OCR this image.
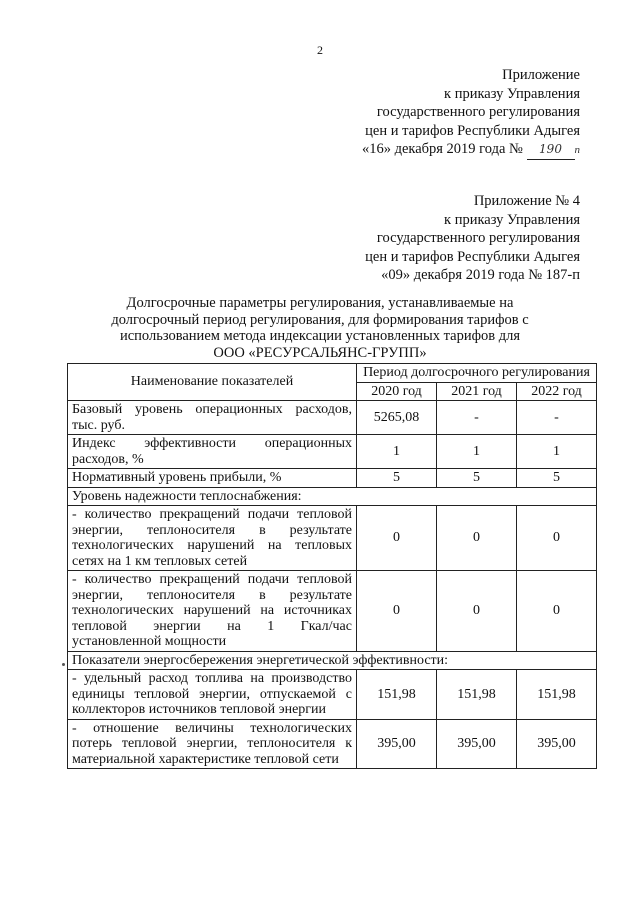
2
Приложение
к приказу Управления
государственного регулирования
цен и тарифов Республики Адыгея
«16» декабря 2019 года № 190 п
Приложение № 4
к приказу Управления
государственного регулирования
цен и тарифов Республики Адыгея
«09» декабря 2019 года № 187-п
Долгосрочные параметры регулирования, устанавливаемые на
долгосрочный период регулирования, для формирования тарифов с
использованием метода индексации установленных тарифов для
ООО «РЕСУРСАЛЬЯНС-ГРУПП»
Наименование показателей	Период долгосрочного регулирования		
	2020 год	2021 год	2022 год
Базовый уровень операционных расходов, тыс. руб.	5265,08	-	-
Индекс эффективности операционных расходов, %	1	1	1
Нормативный уровень прибыли, %	5	5	5
Уровень надежности теплоснабжения:			
- количество прекращений подачи тепловой энергии, теплоносителя в результате технологических нарушений на тепловых сетях на 1 км тепловых сетей	0	0	0
- количество прекращений подачи тепловой энергии, теплоносителя в результате технологических нарушений на источниках тепловой энергии на 1 Гкал/час установленной мощности	0	0	0
Показатели энергосбережения энергетической эффективности:			
- удельный расход топлива на производство единицы тепловой энергии, отпускаемой с коллекторов источников тепловой энергии	151,98	151,98	151,98
- отношение величины технологических потерь тепловой энергии, теплоносителя к материальной характеристике тепловой сети	395,00	395,00	395,00
